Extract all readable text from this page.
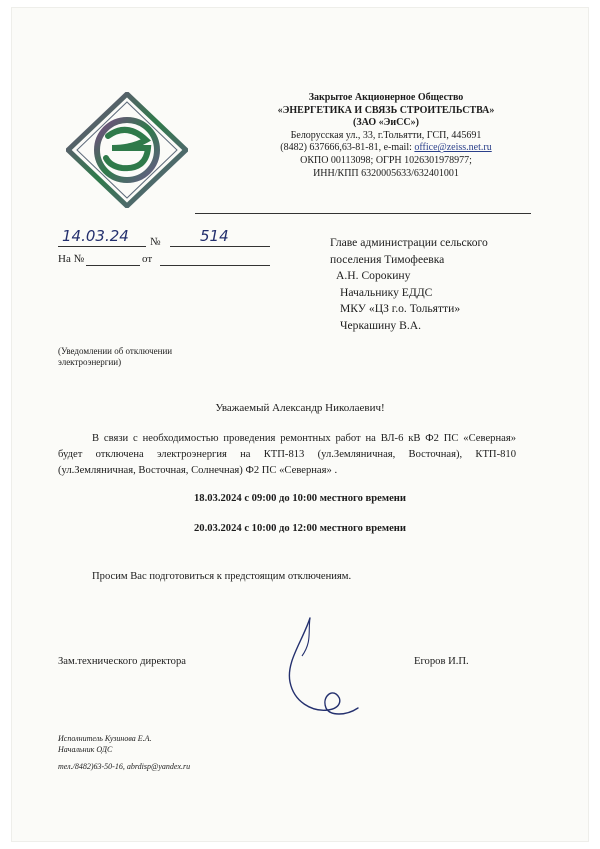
Закрытое Акционерное Общество
«ЭНЕРГЕТИКА И СВЯЗЬ СТРОИТЕЛЬСТВА»
(ЗАО «ЭиСС»)
Белорусская ул., 33, г.Тольятти, ГСП, 445691
(8482) 637666,63-81-81, e-mail: office@zeiss.net.ru
ОКПО 00113098; ОГРН 1026301978977;
ИНН/КПП 6320005633/632401001
14.03.24 №	514
На №	от
Главе администрации сельского
поселения Тимофеевка
А.Н. Сорокину
Начальнику ЕДДС
МКУ «ЦЗ г.о. Тольятти»
Черкашину В.А.
(Уведомлении об отключении
электроэнергии)
Уважаемый Александр Николаевич!
В связи с необходимостью проведения ремонтных работ на ВЛ-6 кВ Ф2 ПС «Северная» будет отключена электроэнергия на КТП-813 (ул.Земляничная, Восточная), КТП-810 (ул.Земляничная, Восточная, Солнечная) Ф2 ПС «Северная» .
18.03.2024 с 09:00 до 10:00 местного времени
20.03.2024 с 10:00 до 12:00 местного времени
Просим Вас подготовиться к предстоящим отключениям.
Зам.технического директора	Егоров И.П.
Исполнитель Кузинова Е.А.
Начальник ОДС
тел./8482)63-50-16, abrdisp@yandex.ru
